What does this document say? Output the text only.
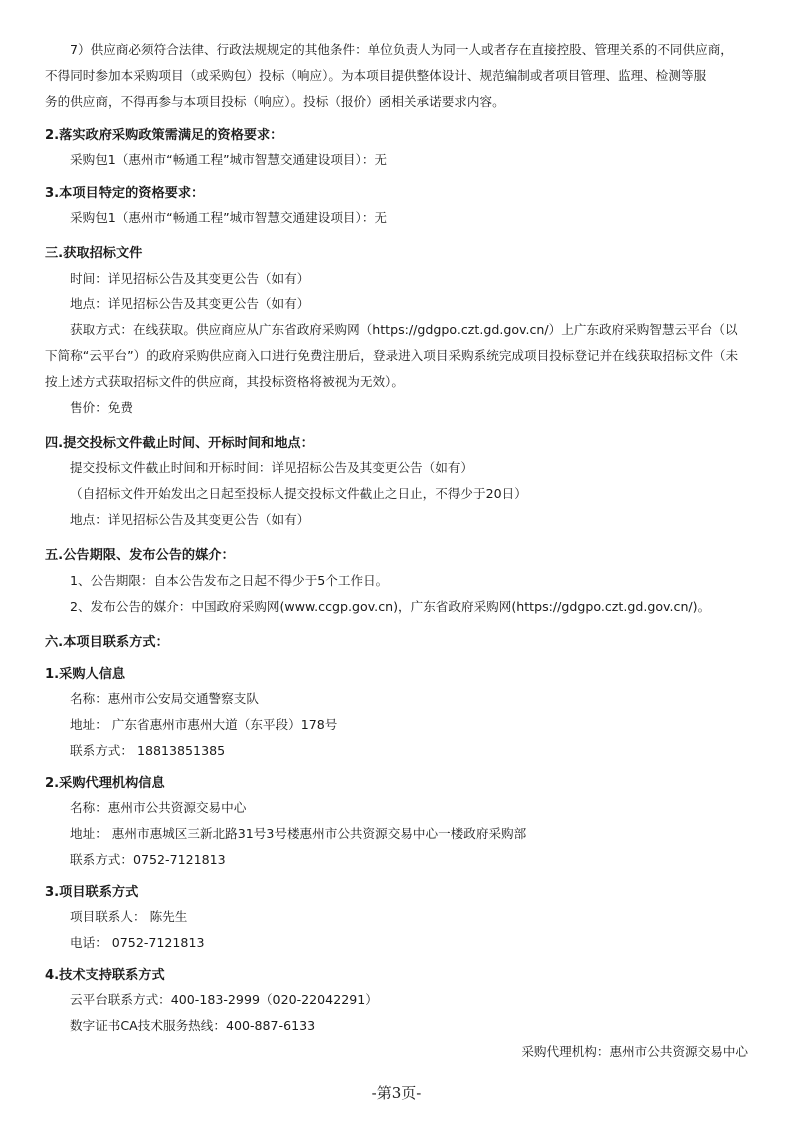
7）供应商必须符合法律、行政法规规定的其他条件：单位负责人为同一人或者存在直接控股、管理关系的不同供应商，
不得同时参加本采购项目（或采购包）投标（响应）。为本项目提供整体设计、规范编制或者项目管理、监理、检测等服
务的供应商，不得再参与本项目投标（响应）。投标（报价）函相关承诺要求内容。
2.落实政府采购政策需满足的资格要求：
采购包1（惠州市“畅通工程”城市智慧交通建设项目）：无
3.本项目特定的资格要求：
采购包1（惠州市“畅通工程”城市智慧交通建设项目）：无
三.获取招标文件
时间：详见招标公告及其变更公告（如有）
地点：详见招标公告及其变更公告（如有）
获取方式：在线获取。供应商应从广东省政府采购网（https://gdgpo.czt.gd.gov.cn/）上广东政府采购智慧云平台（以
下简称“云平台”）的政府采购供应商入口进行免费注册后，登录进入项目采购系统完成项目投标登记并在线获取招标文件（未
按上述方式获取招标文件的供应商，其投标资格将被视为无效）。
售价：免费
四.提交投标文件截止时间、开标时间和地点：
提交投标文件截止时间和开标时间：详见招标公告及其变更公告（如有）
（自招标文件开始发出之日起至投标人提交投标文件截止之日止，不得少于20日）
地点：详见招标公告及其变更公告（如有）
五.公告期限、发布公告的媒介：
1、公告期限：自本公告发布之日起不得少于5个工作日。
2、发布公告的媒介：中国政府采购网(www.ccgp.gov.cn)，广东省政府采购网(https://gdgpo.czt.gd.gov.cn/)。
六.本项目联系方式：
1.采购人信息
名称：惠州市公安局交通警察支队
地址： 广东省惠州市惠州大道（东平段）178号
联系方式： 18813851385
2.采购代理机构信息
名称：惠州市公共资源交易中心
地址： 惠州市惠城区三新北路31号3号楼惠州市公共资源交易中心一楼政府采购部
联系方式：0752-7121813
3.项目联系方式
项目联系人： 陈先生
电话： 0752-7121813
4.技术支持联系方式
云平台联系方式：400-183-2999（020-22042291）
数字证书CA技术服务热线：400-887-6133
采购代理机构：惠州市公共资源交易中心
-第3页-
